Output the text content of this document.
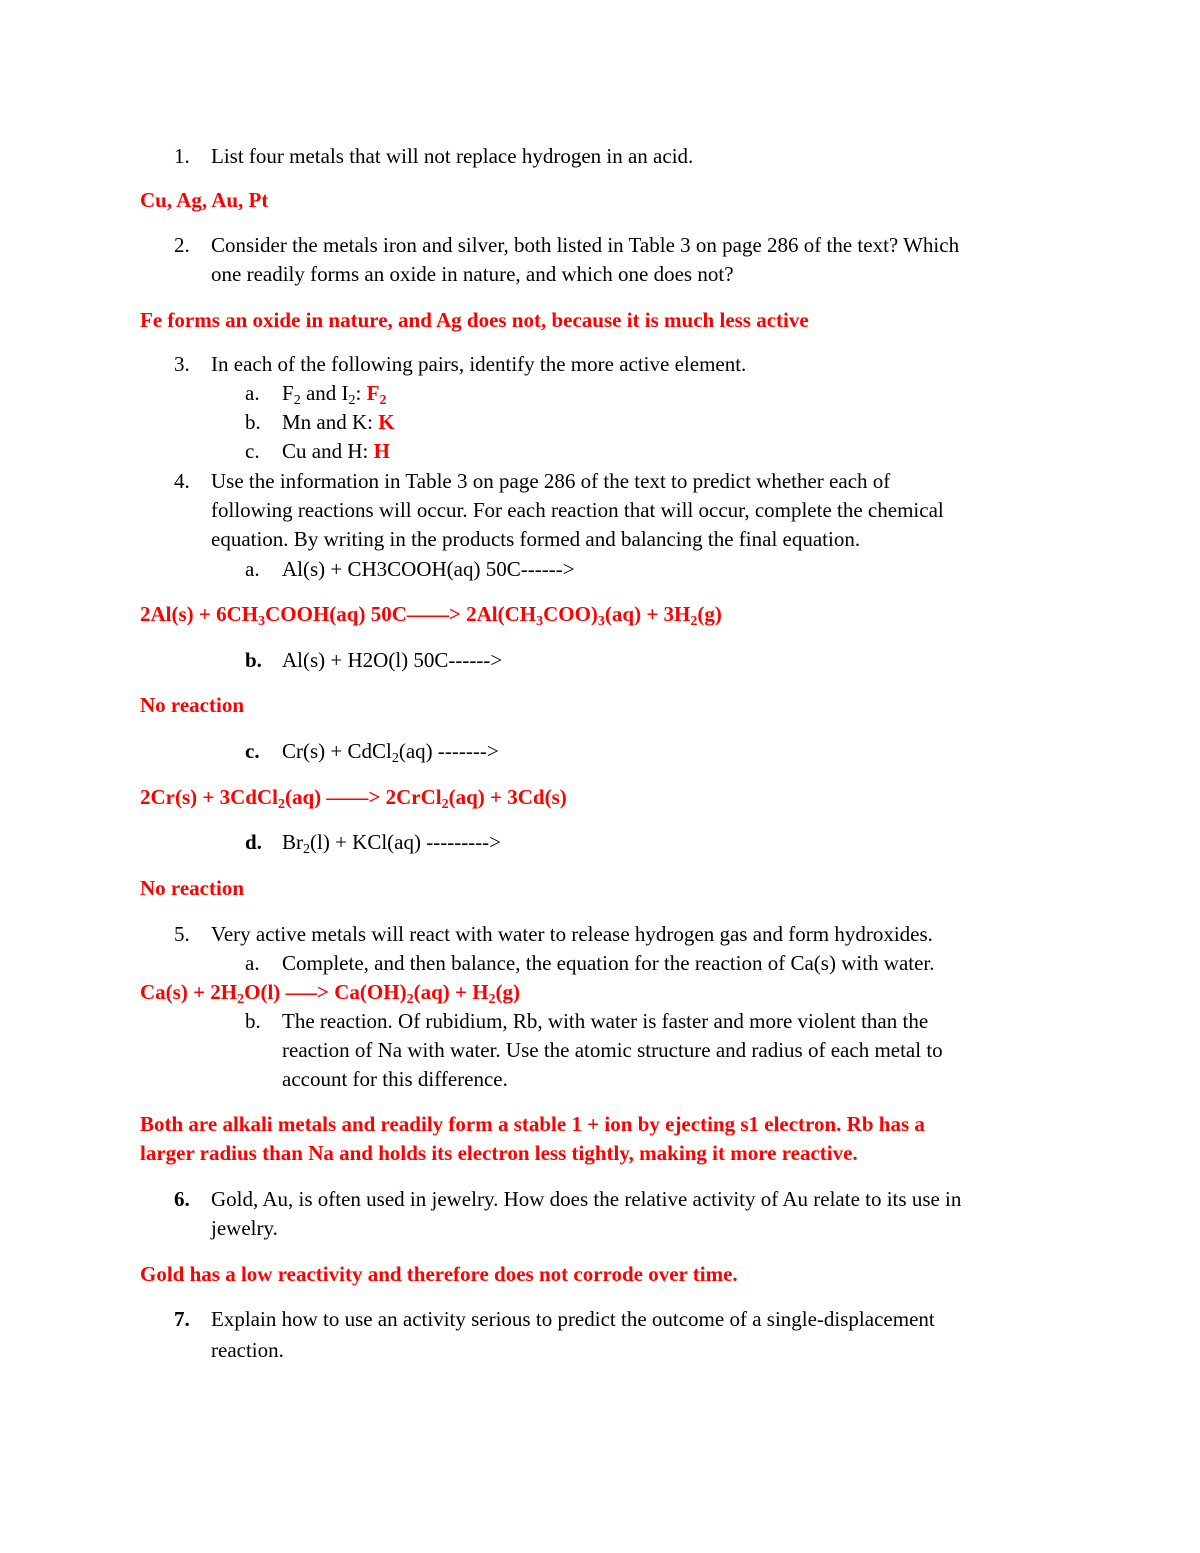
1. List four metals that will not replace hydrogen in an acid.
Cu, Ag, Au, Pt
2. Consider the metals iron and silver, both listed in Table 3 on page 286 of the text? Which
one readily forms an oxide in nature, and which one does not?
Fe forms an oxide in nature, and Ag does not, because it is much less active
3. In each of the following pairs, identify the more active element.
a. $F_2$ and $I_2$: $F_2$
b. Mn and K: K
c. Cu and H: H
4. Use the information in Table 3 on page 286 of the text to predict whether each of
following reactions will occur. For each reaction that will occur, complete the chemical
equation. By writing in the products formed and balancing the final equation.
a. Al(s) + CH3COOH(aq) 50C------>
$2Al(s) + 6CH_3COOH(aq)$ $50C----> 2Al(CH_3COO)_3(aq) + 3H_2(g)$
b. Al(s) + H2O(l) 50C------>
No reaction
c. Cr(s) + CdCl$_2$(aq) ------->
2Cr(s) + 3CdCl$_2$(aq) ––––> 2CrCl$_2$(aq) + 3Cd(s)
d. $Br_2(l) + KCl(aq)$ --------->
No reaction
5. Very active metals will react with water to release hydrogen gas and form hydroxides.
a. Complete, and then balance, the equation for the reaction of Ca(s) with water.
$Ca(s) + 2H_2O(l)$ –––> $Ca(OH)_2(aq) + H_2(g)$
b. The reaction. Of rubidium, Rb, with water is faster and more violent than the
reaction of Na with water. Use the atomic structure and radius of each metal to
account for this difference.
Both are alkali metals and readily form a stable 1 + ion by ejecting s1 electron. Rb has a
larger radius than Na and holds its electron less tightly, making it more reactive.
6. Gold, Au, is often used in jewelry. How does the relative activity of Au relate to its use in
jewelry.
Gold has a low reactivity and therefore does not corrode over time.
7. Explain how to use an activity serious to predict the outcome of a single-displacement
reaction.
